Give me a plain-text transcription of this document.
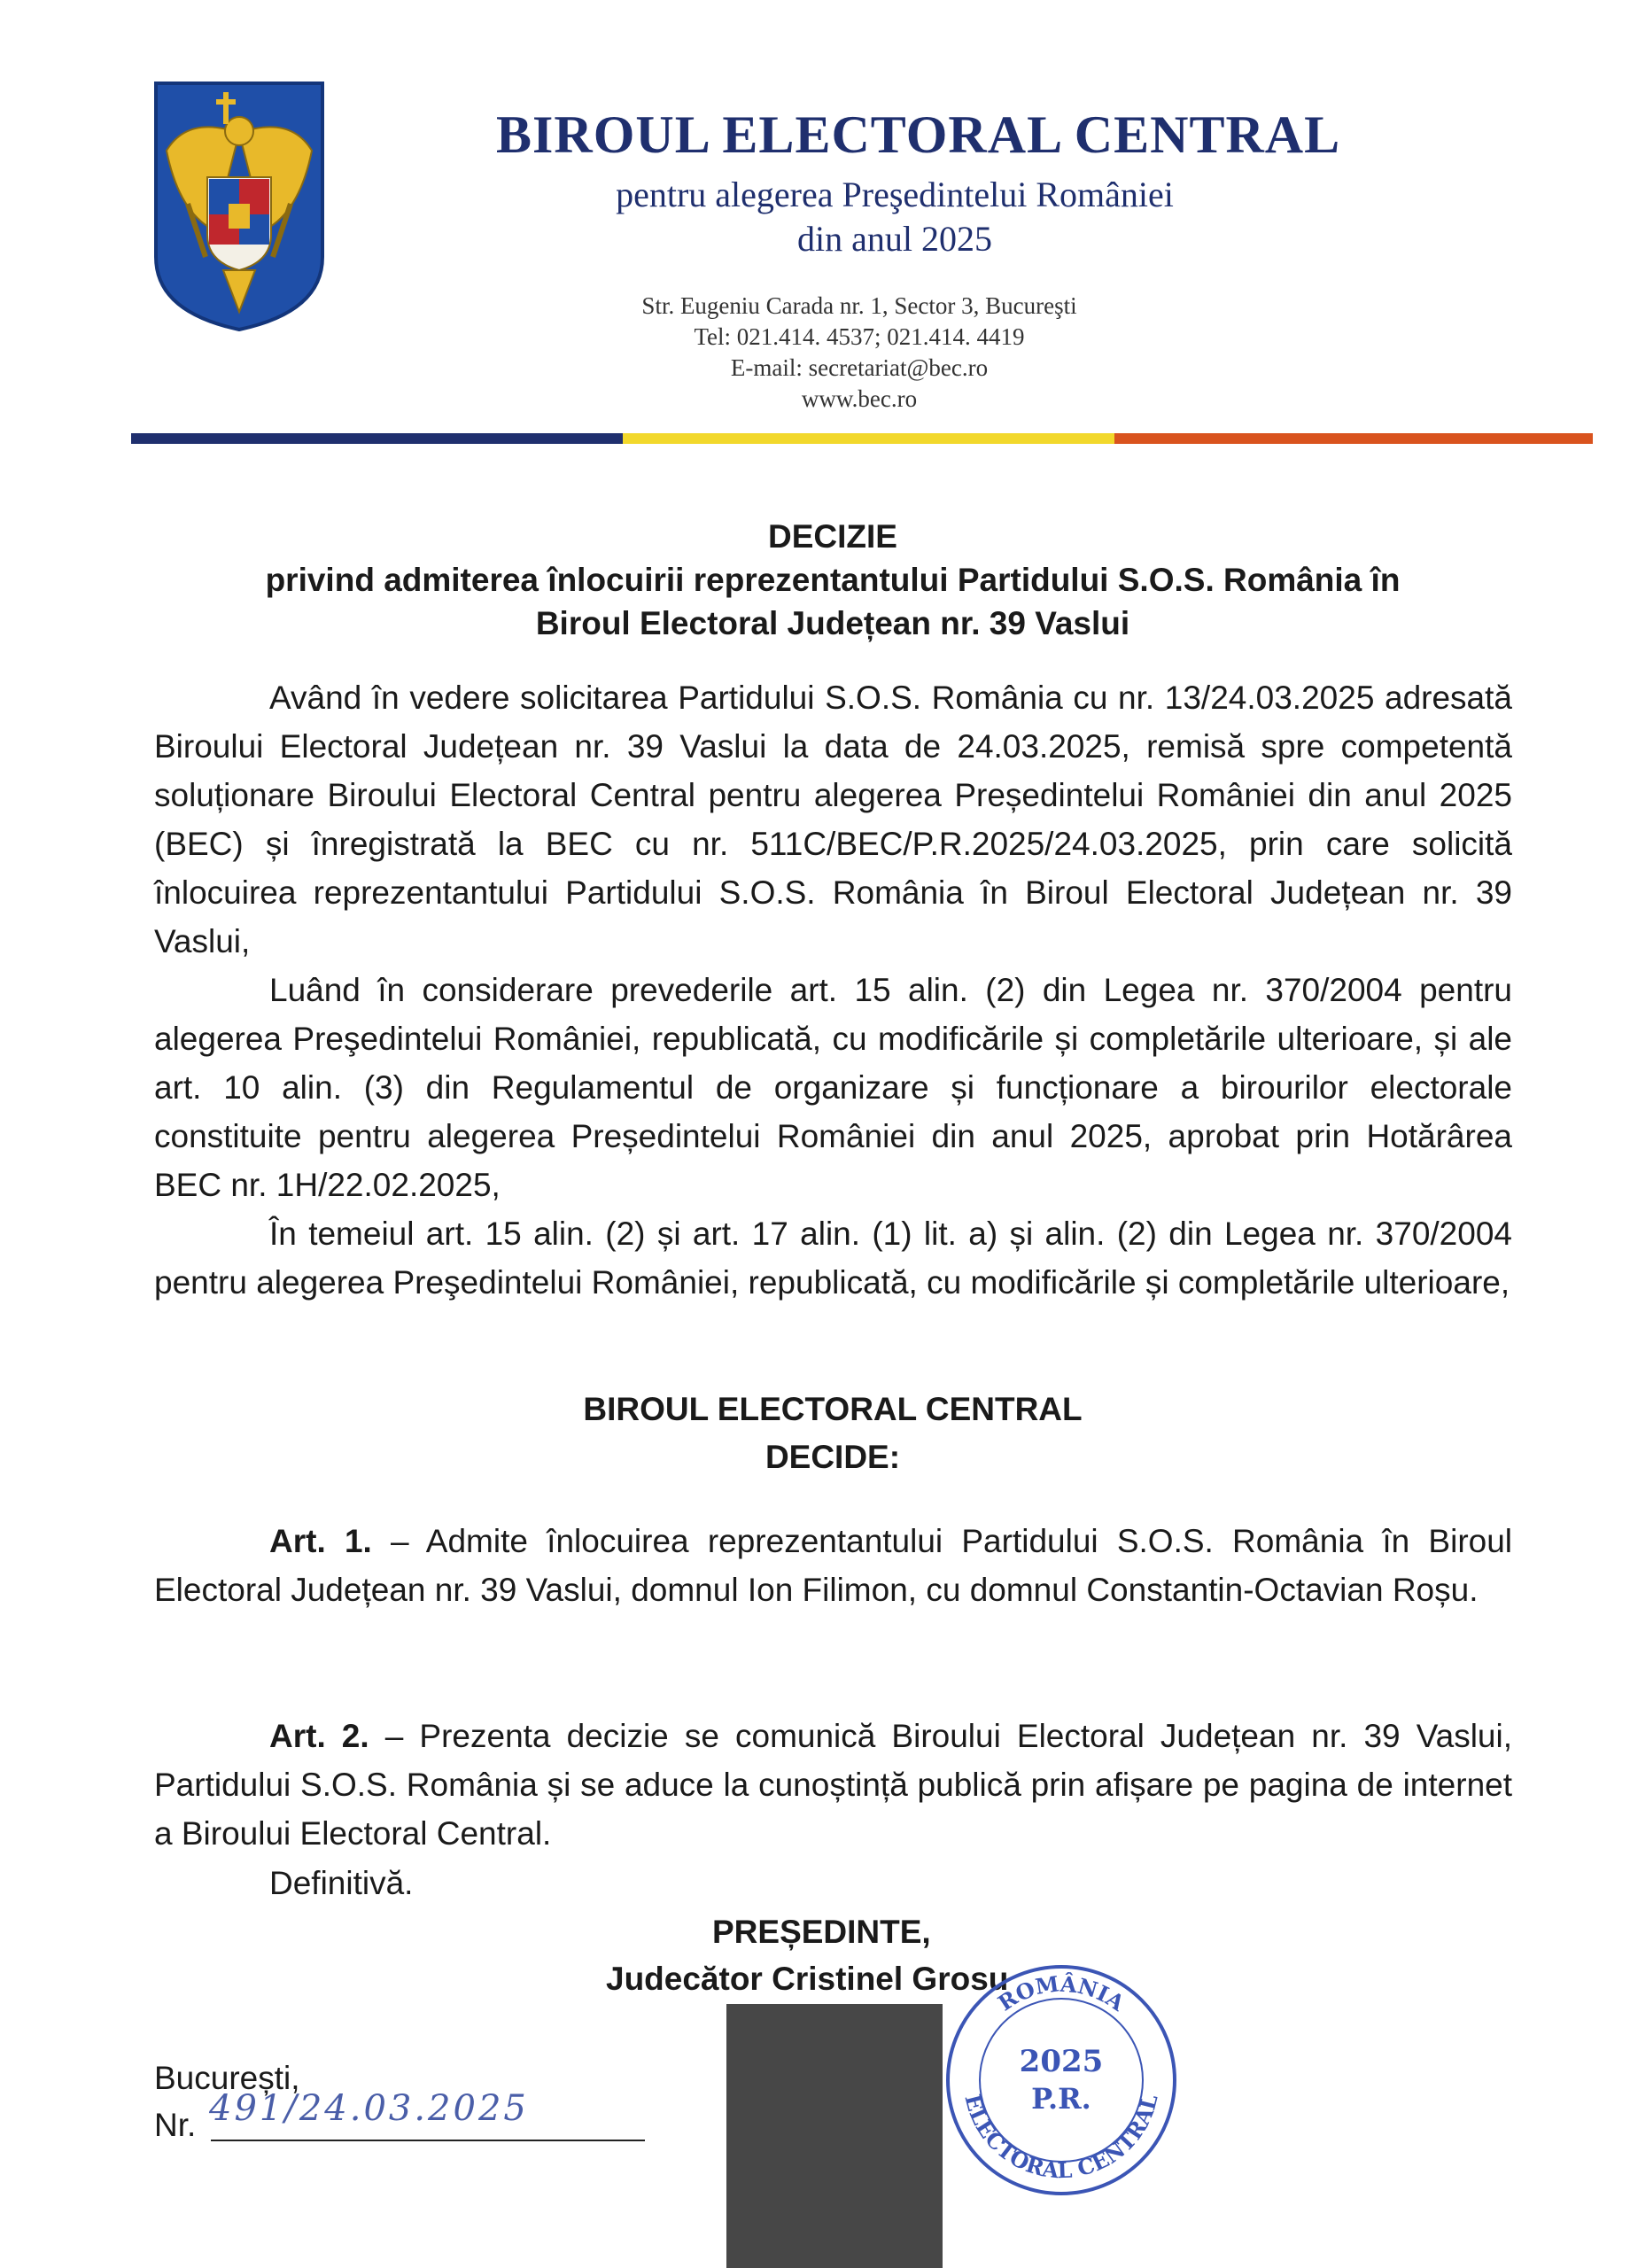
BIROUL ELECTORAL CENTRAL
pentru alegerea Preşedintelui României
din anul 2025
Str. Eugeniu Carada nr. 1, Sector 3, Bucureşti
Tel: 021.414. 4537; 021.414. 4419
E-mail: secretariat@bec.ro
www.bec.ro
DECIZIE
privind admiterea înlocuirii reprezentantului Partidului S.O.S. România în
Biroul Electoral Județean nr. 39 Vaslui

Având în vedere solicitarea Partidului S.O.S. România cu nr. 13/24.03.2025 adresată Biroului Electoral Județean nr. 39 Vaslui la data de 24.03.2025, remisă spre competentă soluționare Biroului Electoral Central pentru alegerea Președintelui României din anul 2025 (BEC) și înregistrată la BEC cu nr. 511C/BEC/P.R.2025/24.03.2025, prin care solicită înlocuirea reprezentantului Partidului S.O.S. România în Biroul Electoral Județean nr. 39 Vaslui,

Luând în considerare prevederile art. 15 alin. (2) din Legea nr. 370/2004 pentru alegerea Preşedintelui României, republicată, cu modificările și completările ulterioare, și ale art. 10 alin. (3) din Regulamentul de organizare și funcționare a birourilor electorale constituite pentru alegerea Președintelui României din anul 2025, aprobat prin Hotărârea BEC nr. 1H/22.02.2025,

În temeiul art. 15 alin. (2) și art. 17 alin. (1) lit. a) și alin. (2) din Legea nr. 370/2004 pentru alegerea Preşedintelui României, republicată, cu modificările și completările ulterioare,

BIROUL ELECTORAL CENTRAL
DECIDE:

Art. 1. – Admite înlocuirea reprezentantului Partidului S.O.S. România în Biroul Electoral Județean nr. 39 Vaslui, domnul Ion Filimon, cu domnul Constantin-Octavian Roșu.

Art. 2. – Prezenta decizie se comunică Biroului Electoral Județean nr. 39 Vaslui, Partidului S.O.S. România și se aduce la cunoștință publică prin afișare pe pagina de internet a Biroului Electoral Central.

Definitivă.
PREȘEDINTE,
Judecător Cristinel Grosu
București,
Nr. 491/24.03.2025
ROMÂNIA
ELECTORAL CENTRAL
2025
P.R.
